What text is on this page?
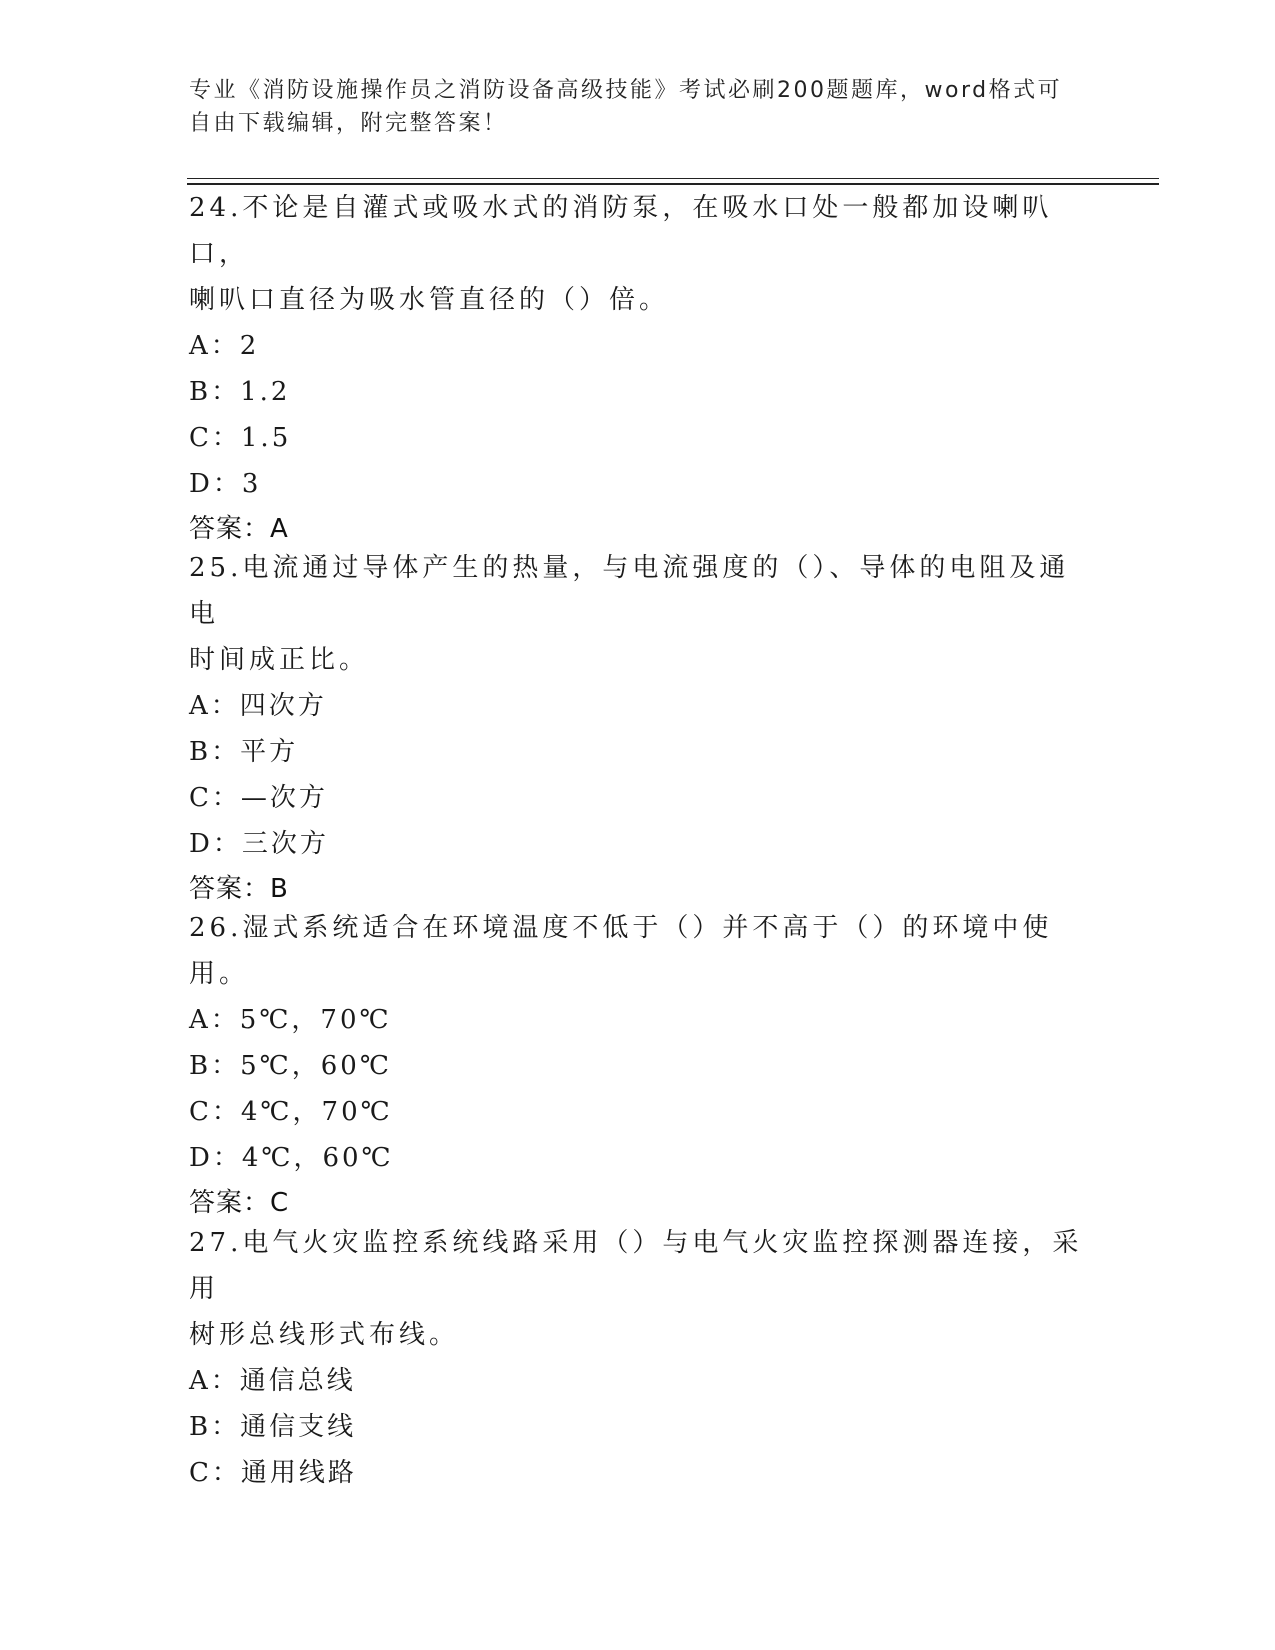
专业《消防设施操作员之消防设备高级技能》考试必刷200题题库，word格式可
自由下载编辑，附完整答案！

24.不论是自灌式或吸水式的消防泵，在吸水口处一般都加设喇叭口，

喇叭口直径为吸水管直径的（）倍。

A：2

B：1.2

C：1.5

D：3

答案：A

25.电流通过导体产生的热量，与电流强度的（）、导体的电阻及通电

时间成正比。

A：四次方

B：平方

C：—次方

D：三次方

答案：B

26.湿式系统适合在环境温度不低于（）并不高于（）的环境中使用。

A：5℃，70℃

B：5℃，60℃

C：4℃，70℃

D：4℃，60℃

答案：C

27.电气火灾监控系统线路采用（）与电气火灾监控探测器连接，采用

树形总线形式布线。

A：通信总线

B：通信支线

C：通用线路
